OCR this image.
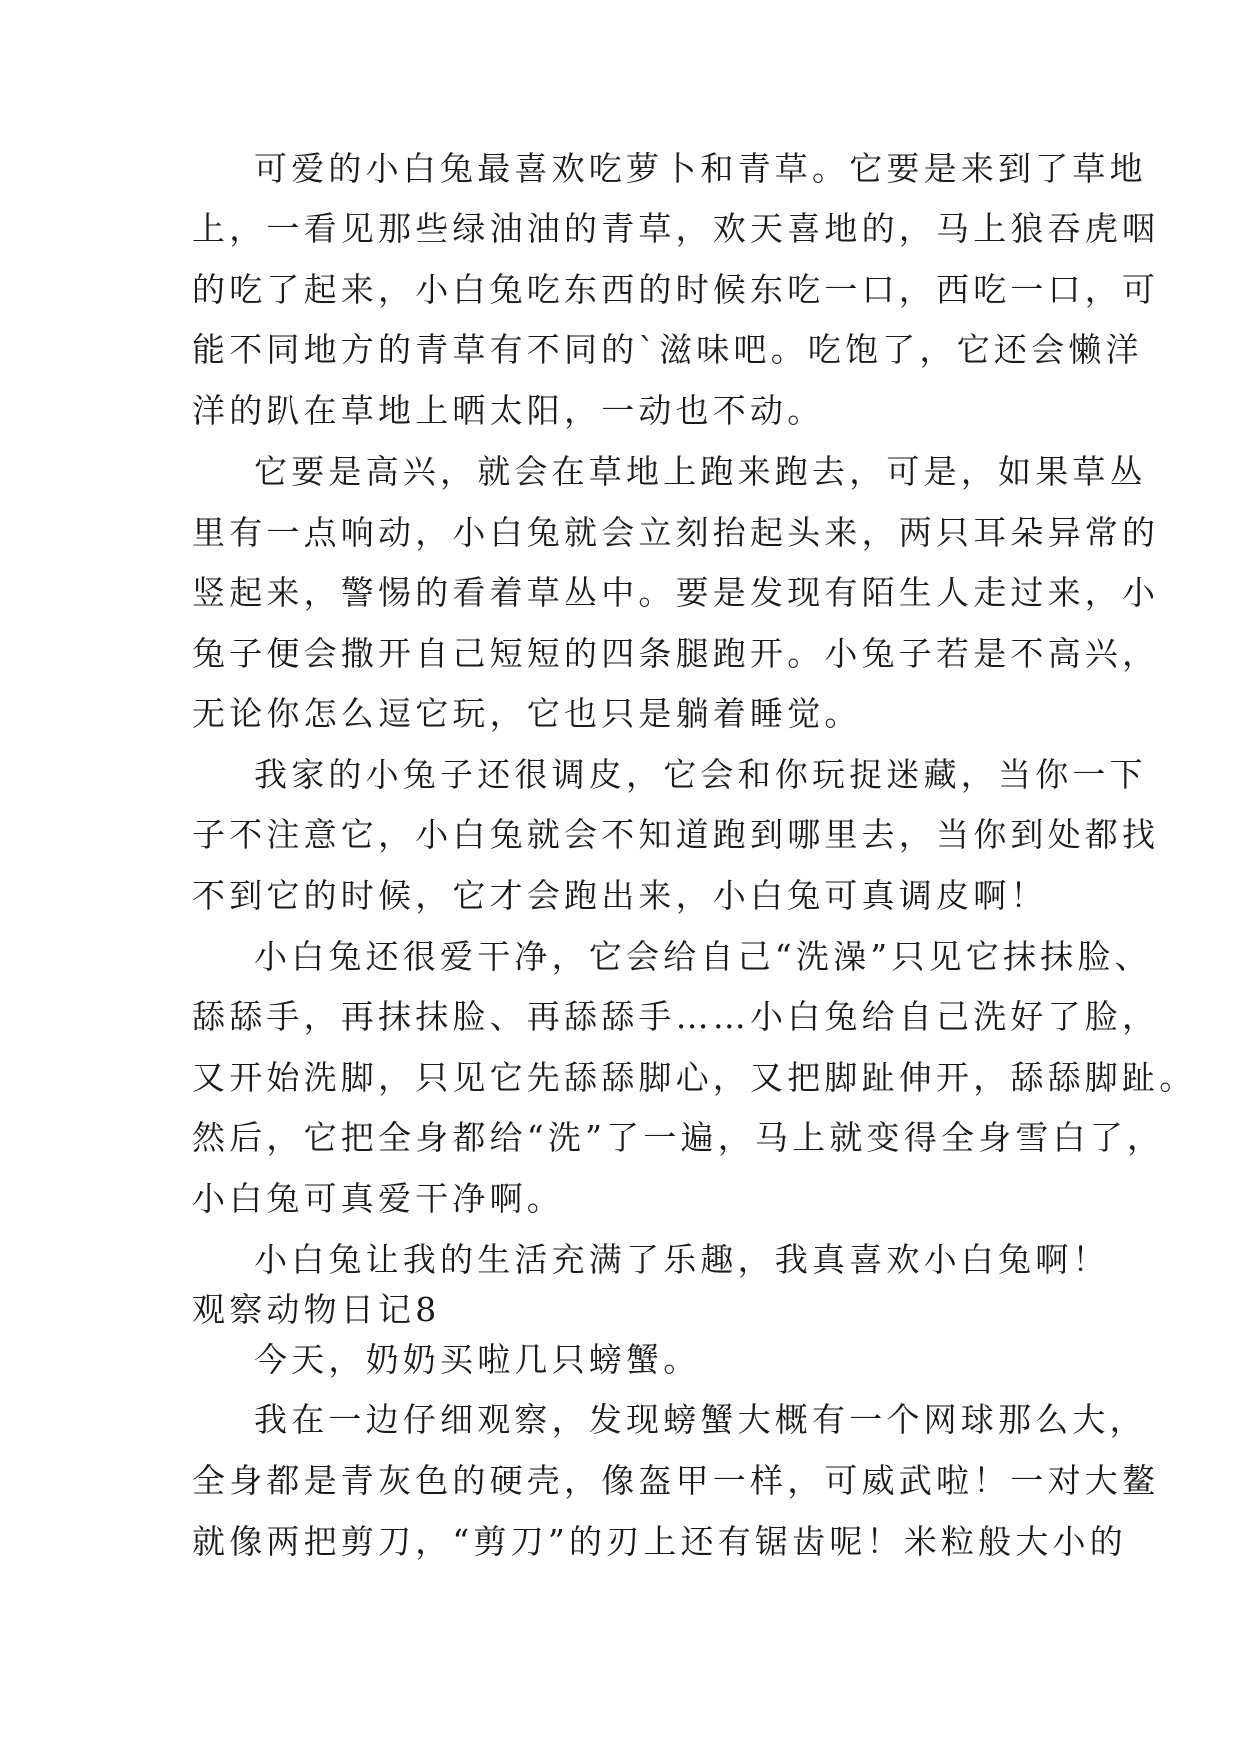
可爱的小白兔最喜欢吃萝卜和青草。它要是来到了草地
上，一看见那些绿油油的青草，欢天喜地的，马上狼吞虎咽
的吃了起来，小白兔吃东西的时候东吃一口，西吃一口，可
能不同地方的青草有不同的`滋味吧。吃饱了，它还会懒洋
洋的趴在草地上晒太阳，一动也不动。
它要是高兴，就会在草地上跑来跑去，可是，如果草丛
里有一点响动，小白兔就会立刻抬起头来，两只耳朵异常的
竖起来，警惕的看着草丛中。要是发现有陌生人走过来，小
兔子便会撒开自己短短的四条腿跑开。小兔子若是不高兴，
无论你怎么逗它玩，它也只是躺着睡觉。
我家的小兔子还很调皮，它会和你玩捉迷藏，当你一下
子不注意它，小白兔就会不知道跑到哪里去，当你到处都找
不到它的时候，它才会跑出来，小白兔可真调皮啊！
小白兔还很爱干净，它会给自己“洗澡”只见它抹抹脸、
舔舔手，再抹抹脸、再舔舔手……小白兔给自己洗好了脸，
又开始洗脚，只见它先舔舔脚心，又把脚趾伸开，舔舔脚趾。
然后，它把全身都给“洗”了一遍，马上就变得全身雪白了，
小白兔可真爱干净啊。
小白兔让我的生活充满了乐趣，我真喜欢小白兔啊！
观察动物日记8
今天，奶奶买啦几只螃蟹。
我在一边仔细观察，发现螃蟹大概有一个网球那么大，
全身都是青灰色的硬壳，像盔甲一样，可威武啦！一对大鳌
就像两把剪刀，“剪刀”的刃上还有锯齿呢！米粒般大小的
